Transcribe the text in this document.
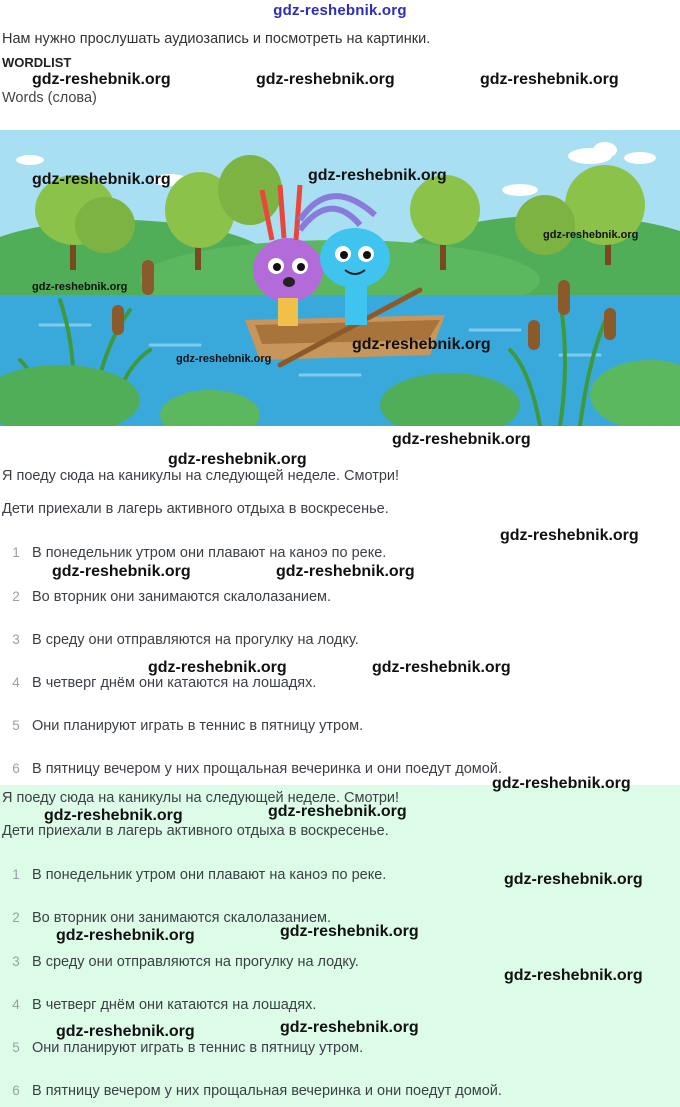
gdz-reshebnik.org
Нам нужно прослушать аудиозапись и посмотреть на картинки.
WORDLIST
Words (слова)
gdz-reshebnik.org	gdz-reshebnik.org	gdz-reshebnik.org
gdz-reshebnik.org	gdz-reshebnik.org
gdz-reshebnik.org
gdz-reshebnik.org
gdz-reshebnik.org
gdz-reshebnik.org
gdz-reshebnik.org
gdz-reshebnik.org
gdz-reshebnik.org
gdz-reshebnik.org	gdz-reshebnik.org
gdz-reshebnik.org	gdz-reshebnik.org
Я поеду сюда на каникулы на следующей неделе. Смотри!
Дети приехали в лагерь активного отдыха в воскресенье.
1 В понедельник утром они плавают на каноэ по реке.
2 Во вторник они занимаются скалолазанием.
3 В среду они отправляются на прогулку на лодку.
4 В четверг днём они катаются на лошадях.
5 Они планируют играть в теннис в пятницу утром.
6 В пятницу вечером у них прощальная вечеринка и они поедут домой.
Я поеду сюда на каникулы на следующей неделе. Смотри!
Дети приехали в лагерь активного отдыха в воскресенье.
1 В понедельник утром они плавают на каноэ по реке.
2 Во вторник они занимаются скалолазанием.
3 В среду они отправляются на прогулку на лодку.
4 В четверг днём они катаются на лошадях.
5 Они планируют играть в теннис в пятницу утром.
6 В пятницу вечером у них прощальная вечеринка и они поедут домой.
gdz-reshebnik.org
gdz-reshebnik.org	gdz-reshebnik.org
gdz-reshebnik.org
gdz-reshebnik.org	gdz-reshebnik.org
gdz-reshebnik.org
gdz-reshebnik.org	gdz-reshebnik.org
